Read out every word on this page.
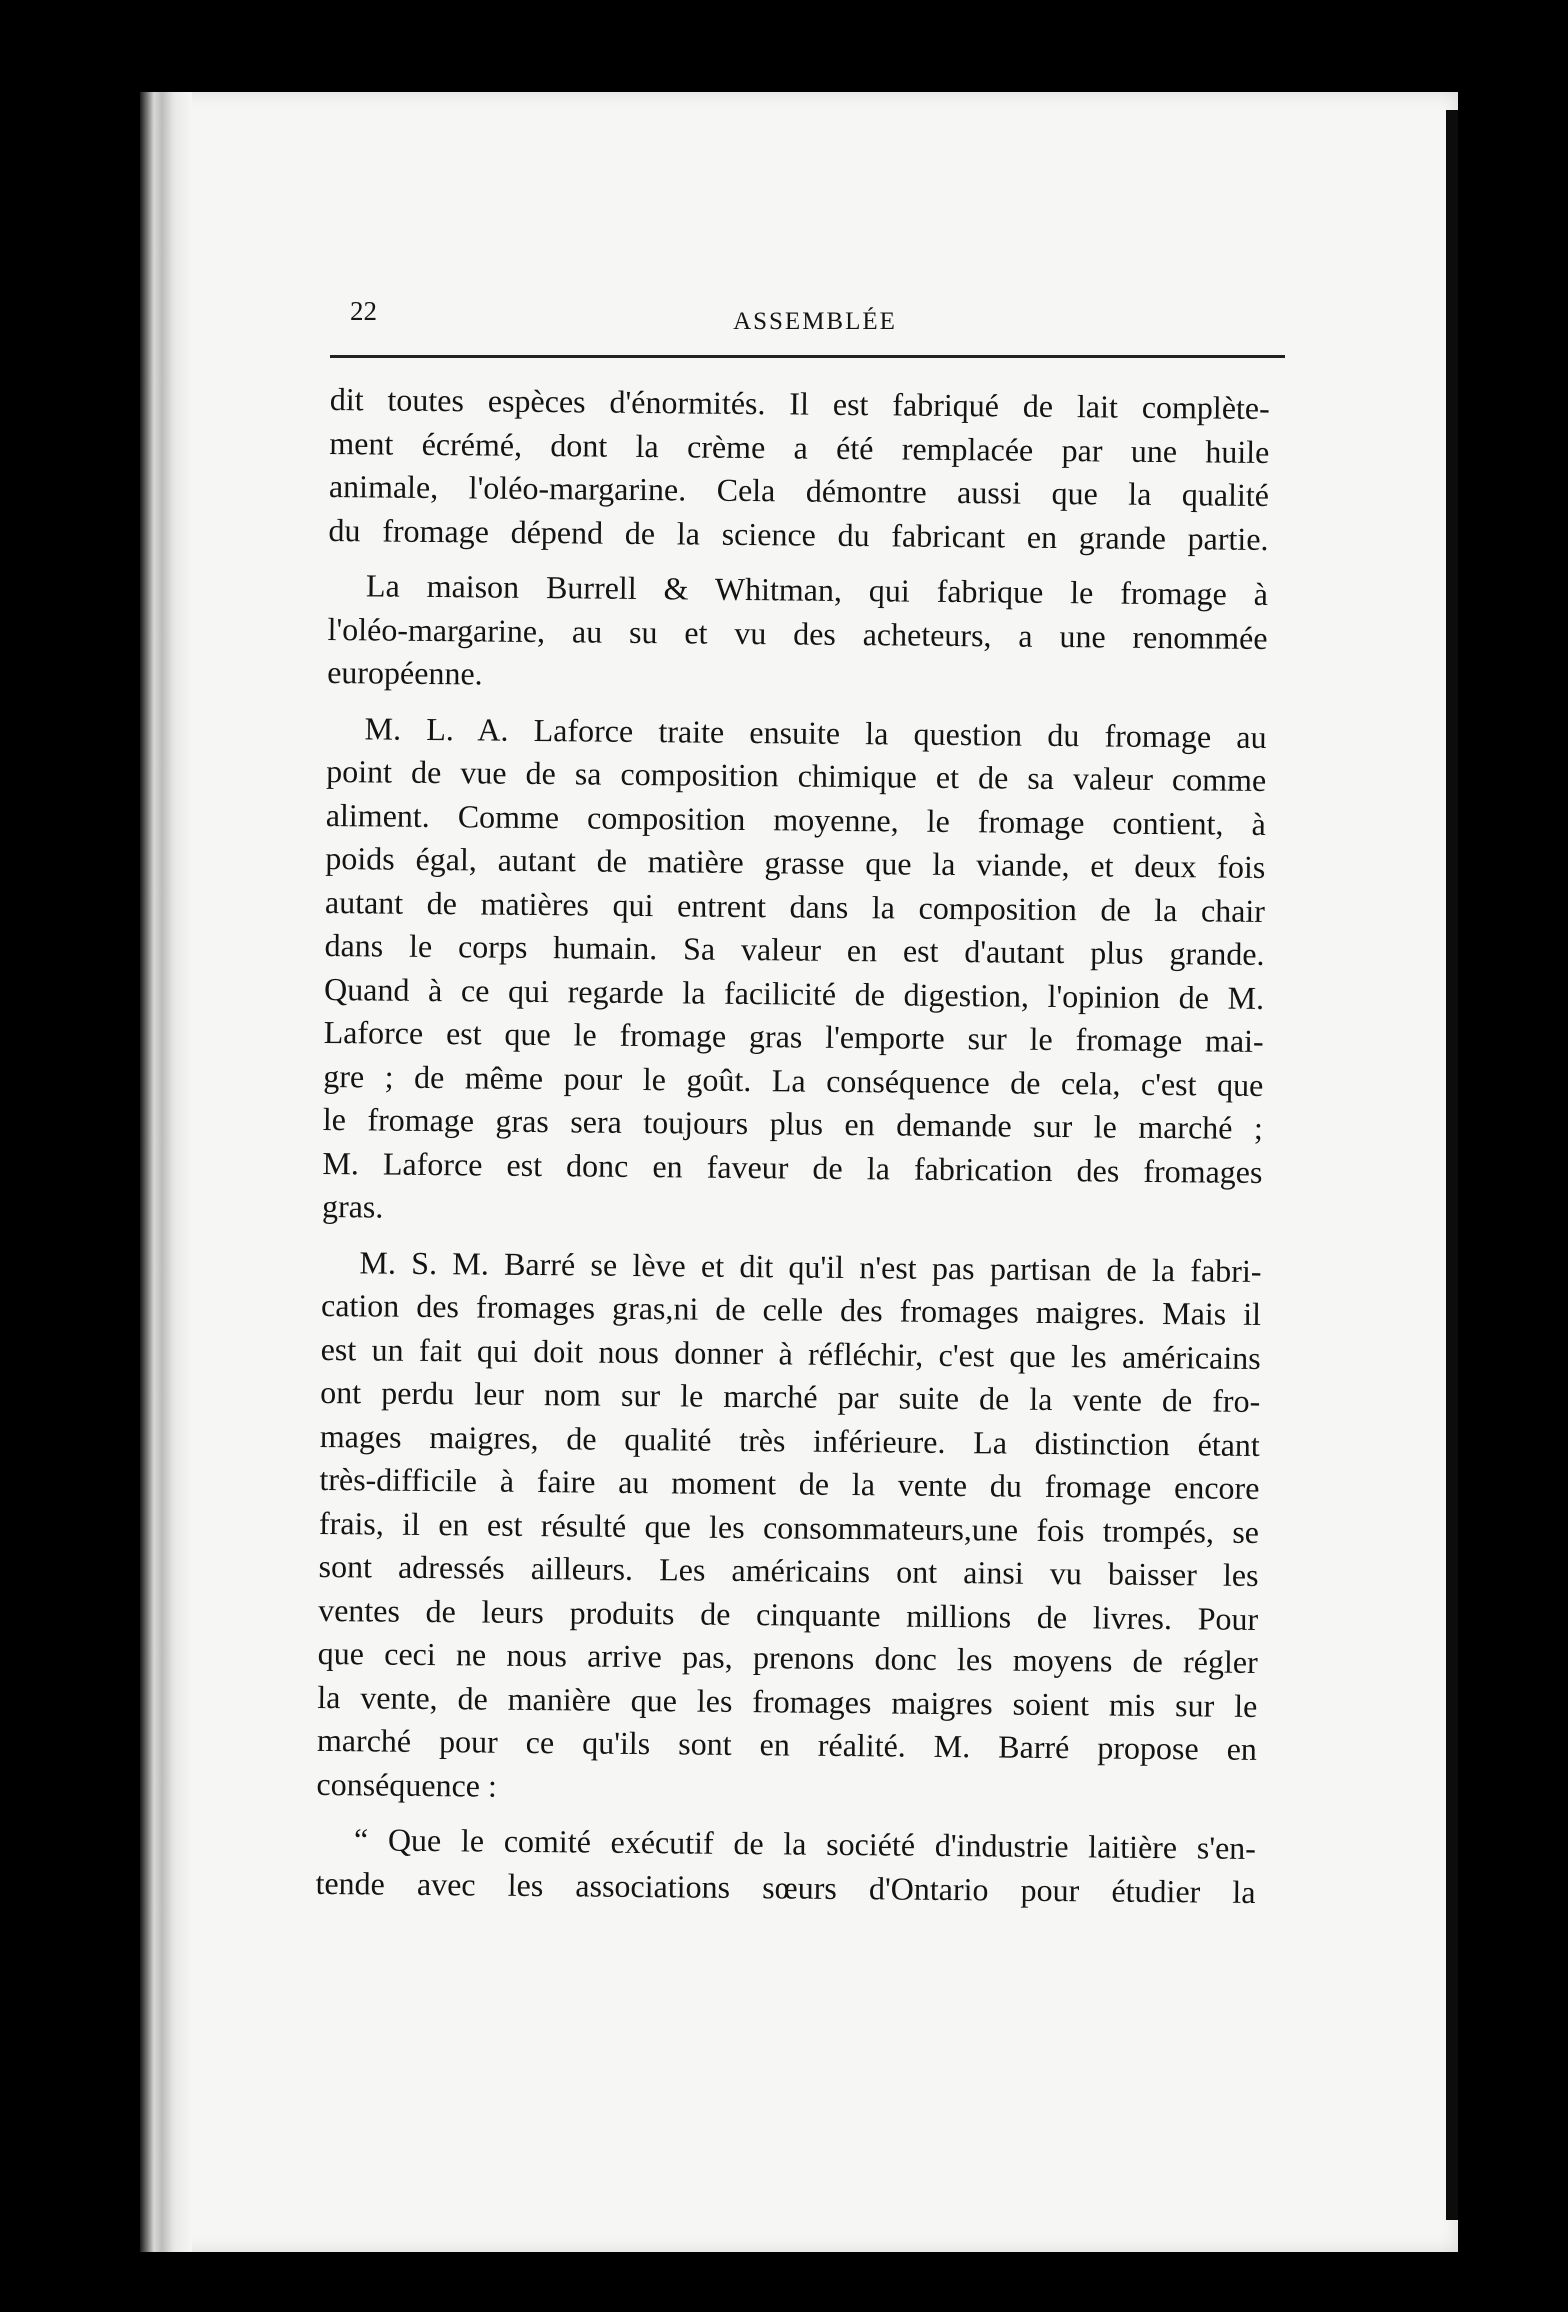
22	ASSEMBLÉE

dit toutes espèces d'énormités. Il est fabriqué de lait complète-
ment écrémé, dont la crème a été remplacée par une huile
animale, l'oléo-margarine. Cela démontre aussi que la qualité
du fromage dépend de la science du fabricant en grande partie.

La maison Burrell & Whitman, qui fabrique le fromage à
l'oléo-margarine, au su et vu des acheteurs, a une renommée
européenne.

M. L. A. Laforce traite ensuite la question du fromage au
point de vue de sa composition chimique et de sa valeur comme
aliment. Comme composition moyenne, le fromage contient, à
poids égal, autant de matière grasse que la viande, et deux fois
autant de matières qui entrent dans la composition de la chair
dans le corps humain. Sa valeur en est d'autant plus grande.
Quand à ce qui regarde la facilicité de digestion, l'opinion de M.
Laforce est que le fromage gras l'emporte sur le fromage mai-
gre ; de même pour le goût. La conséquence de cela, c'est que
le fromage gras sera toujours plus en demande sur le marché ;
M. Laforce est donc en faveur de la fabrication des fromages
gras.

M. S. M. Barré se lève et dit qu'il n'est pas partisan de la fabri-
cation des fromages gras,ni de celle des fromages maigres. Mais il
est un fait qui doit nous donner à réfléchir, c'est que les américains
ont perdu leur nom sur le marché par suite de la vente de fro-
mages maigres, de qualité très inférieure. La distinction étant
très-difficile à faire au moment de la vente du fromage encore
frais, il en est résulté que les consommateurs,une fois trompés, se
sont adressés ailleurs. Les américains ont ainsi vu baisser les
ventes de leurs produits de cinquante millions de livres. Pour
que ceci ne nous arrive pas, prenons donc les moyens de régler
la vente, de manière que les fromages maigres soient mis sur le
marché pour ce qu'ils sont en réalité. M. Barré propose en
conséquence :

“ Que le comité exécutif de la société d'industrie laitière s'en-
tende avec les associations sœurs d'Ontario pour étudier la
